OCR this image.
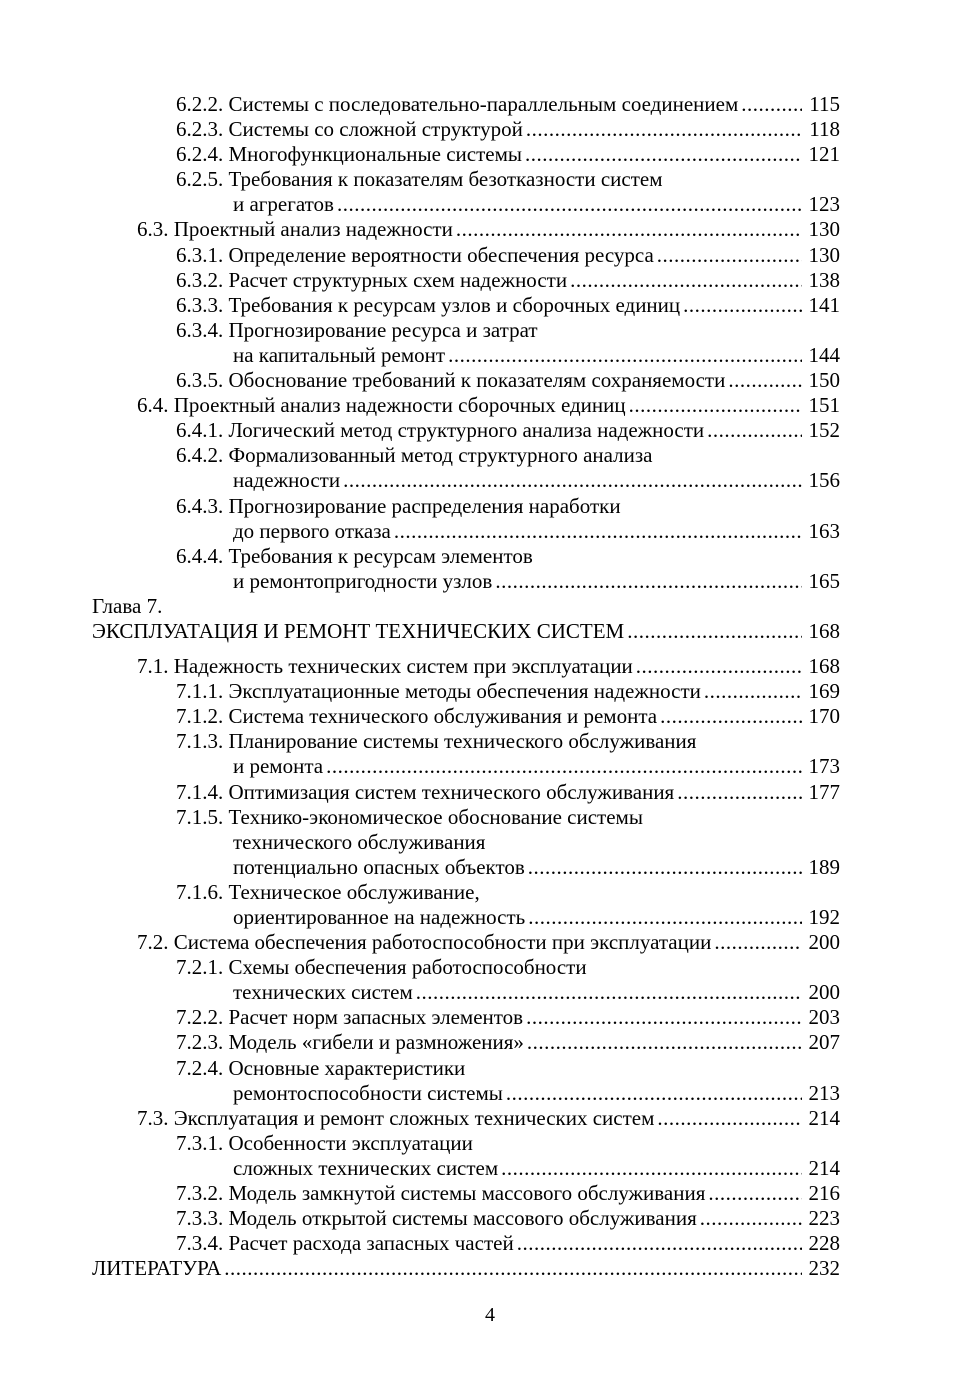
6.2.2. Системы с последовательно-параллельным соединением .....	115
6.2.3. Системы со сложной структурой .....	118
6.2.4. Многофункциональные системы .....	121
6.2.5. Требования к показателям безотказности систем
и агрегатов .....	123
6.3. Проектный анализ надежности .....	130
6.3.1. Определение вероятности обеспечения ресурса .....	130
6.3.2. Расчет структурных схем надежности .....	138
6.3.3. Требования к ресурсам узлов и сборочных единиц .....	141
6.3.4. Прогнозирование ресурса и затрат
на капитальный ремонт .....	144
6.3.5. Обоснование требований к показателям сохраняемости .....	150
6.4. Проектный анализ надежности сборочных единиц .....	151
6.4.1. Логический метод структурного анализа надежности .....	152
6.4.2. Формализованный метод структурного анализа
надежности .....	156
6.4.3. Прогнозирование распределения наработки
до первого отказа .....	163
6.4.4. Требования к ресурсам элементов
и ремонтопригодности узлов .....	165
Глава 7.
ЭКСПЛУАТАЦИЯ И РЕМОНТ ТЕХНИЧЕСКИХ СИСТЕМ .....	168
7.1. Надежность технических систем при эксплуатации .....	168
7.1.1. Эксплуатационные методы обеспечения надежности .....	169
7.1.2. Система технического обслуживания и ремонта .....	170
7.1.3. Планирование системы технического обслуживания
и ремонта .....	173
7.1.4. Оптимизация систем технического обслуживания .....	177
7.1.5. Технико-экономическое обоснование системы
технического обслуживания
потенциально опасных объектов .....	189
7.1.6. Техническое обслуживание,
ориентированное на надежность .....	192
7.2. Система обеспечения работоспособности при эксплуатации .....	200
7.2.1. Схемы обеспечения работоспособности
технических систем .....	200
7.2.2. Расчет норм запасных элементов .....	203
7.2.3. Модель «гибели и размножения» .....	207
7.2.4. Основные характеристики
ремонтоспособности системы .....	213
7.3. Эксплуатация и ремонт сложных технических систем .....	214
7.3.1. Особенности эксплуатации
сложных технических систем .....	214
7.3.2. Модель замкнутой системы массового обслуживания .....	216
7.3.3. Модель открытой системы массового обслуживания .....	223
7.3.4. Расчет расхода запасных частей .....	228
ЛИТЕРАТУРА .....	232
4
